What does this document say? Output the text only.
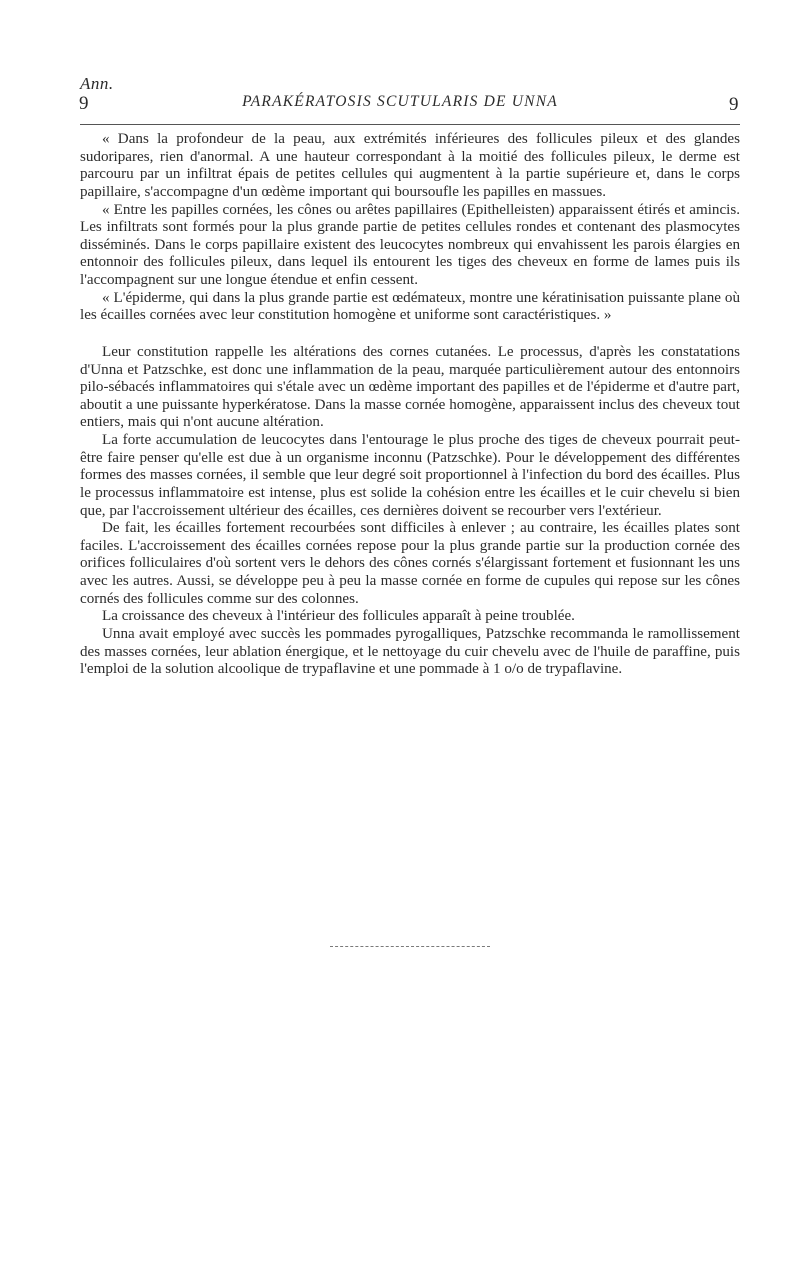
Ann.
9	PARAKÉRATOSIS SCUTULARIS DE UNNA	9

« Dans la profondeur de la peau, aux extrémités inférieures des follicules pileux et des glandes sudoripares, rien d'anormal. A une hauteur correspondant à la moitié des follicules pileux, le derme est parcouru par un infiltrat épais de petites cellules qui augmentent à la partie supérieure et, dans le corps papillaire, s'accompagne d'un œdème important qui boursoufle les papilles en massues.

« Entre les papilles cornées, les cônes ou arêtes papillaires (Epithelleisten) apparaissent étirés et amincis. Les infiltrats sont formés pour la plus grande partie de petites cellules rondes et contenant des plasmocytes disséminés. Dans le corps papillaire existent des leucocytes nombreux qui envahissent les parois élargies en entonnoir des follicules pileux, dans lequel ils entourent les tiges des cheveux en forme de lames puis ils l'accompagnent sur une longue étendue et enfin cessent.

« L'épiderme, qui dans la plus grande partie est œdémateux, montre une kératinisation puissante plane où les écailles cornées avec leur constitution homogène et uniforme sont caractéristiques. »

Leur constitution rappelle les altérations des cornes cutanées. Le processus, d'après les constatations d'Unna et Patzschke, est donc une inflammation de la peau, marquée particulièrement autour des entonnoirs pilo-sébacés inflammatoires qui s'étale avec un œdème important des papilles et de l'épiderme et d'autre part, aboutit a une puissante hyperkératose. Dans la masse cornée homogène, apparaissent inclus des cheveux tout entiers, mais qui n'ont aucune altération.

La forte accumulation de leucocytes dans l'entourage le plus proche des tiges de cheveux pourrait peut-être faire penser qu'elle est due à un organisme inconnu (Patzschke). Pour le développement des différentes formes des masses cornées, il semble que leur degré soit proportionnel à l'infection du bord des écailles. Plus le processus inflammatoire est intense, plus est solide la cohésion entre les écailles et le cuir chevelu si bien que, par l'accroissement ultérieur des écailles, ces dernières doivent se recourber vers l'extérieur.

De fait, les écailles fortement recourbées sont difficiles à enlever ; au contraire, les écailles plates sont faciles. L'accroissement des écailles cornées repose pour la plus grande partie sur la production cornée des orifices folliculaires d'où sortent vers le dehors des cônes cornés s'élargissant fortement et fusionnant les uns avec les autres. Aussi, se développe peu à peu la masse cornée en forme de cupules qui repose sur les cônes cornés des follicules comme sur des colonnes.

La croissance des cheveux à l'intérieur des follicules apparaît à peine troublée.

Unna avait employé avec succès les pommades pyrogalliques, Patzschke recommanda le ramollissement des masses cornées, leur ablation énergique, et le nettoyage du cuir chevelu avec de l'huile de paraffine, puis l'emploi de la solution alcoolique de trypaflavine et une pommade à 1 o/o de trypaflavine.
